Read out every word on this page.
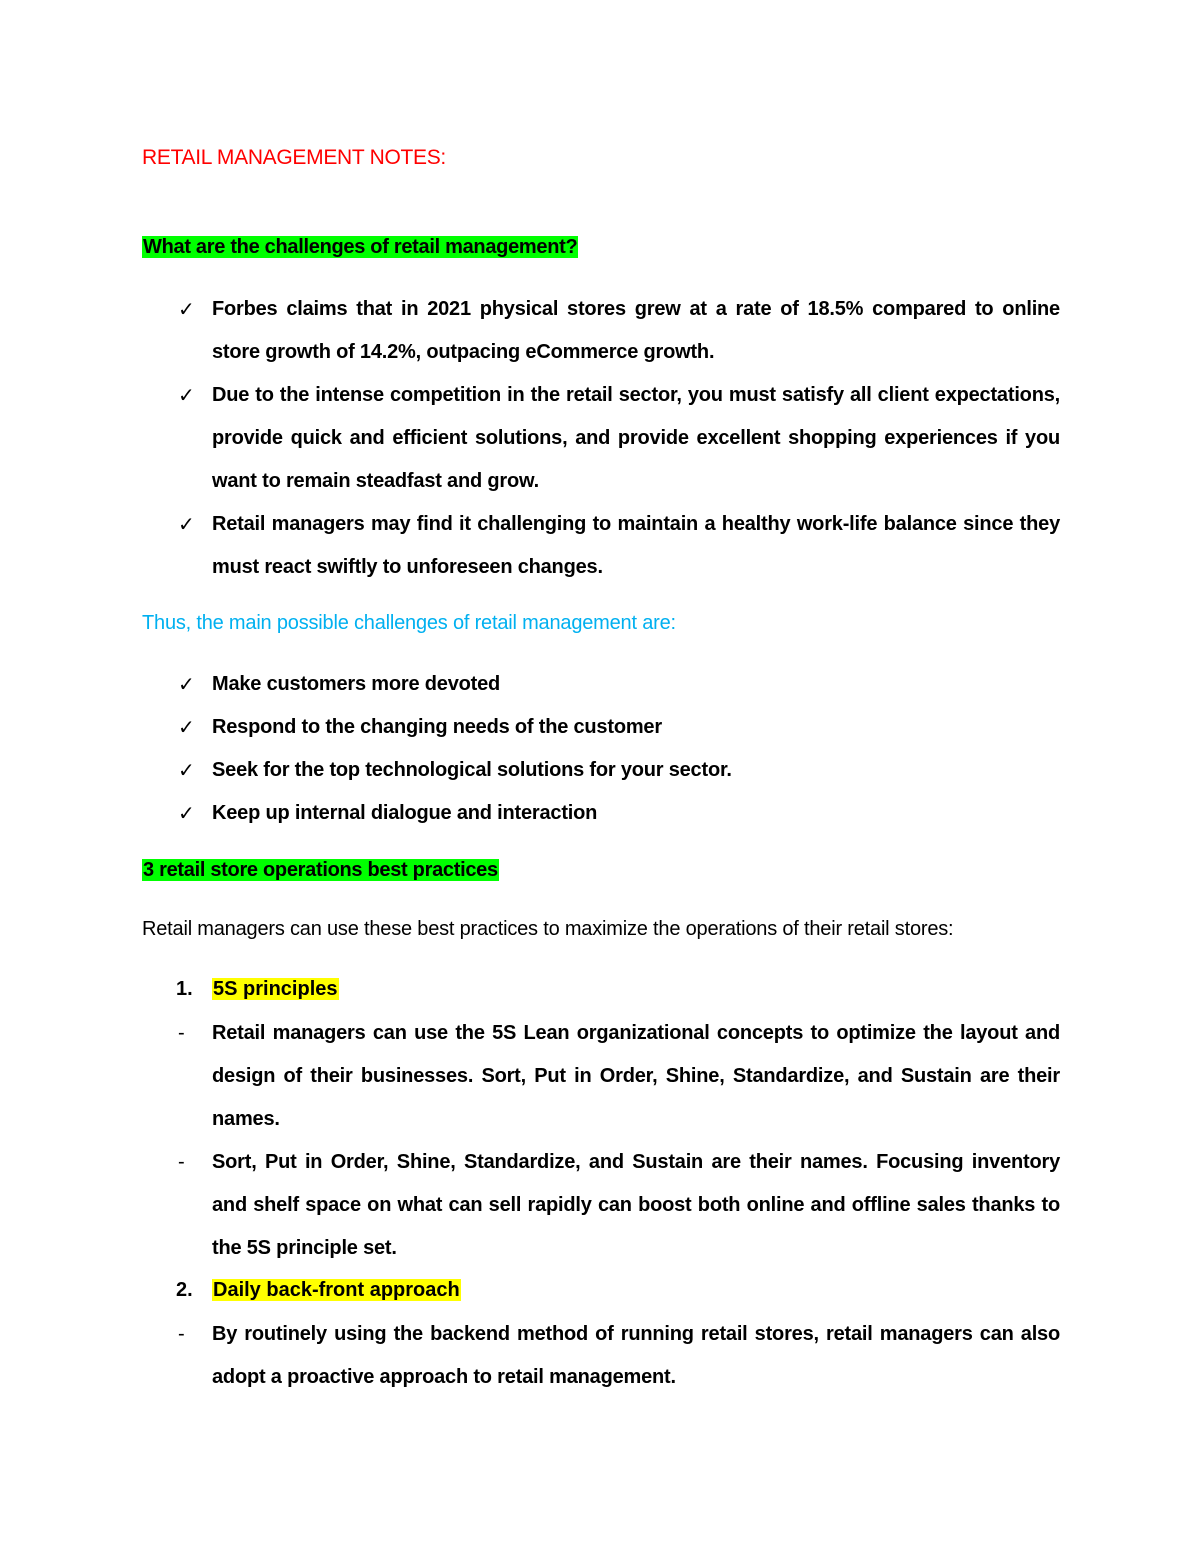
RETAIL MANAGEMENT NOTES:
What are the challenges of retail management?
✓ Forbes claims that in 2021 physical stores grew at a rate of 18.5% compared to online store growth of 14.2%, outpacing eCommerce growth.
✓ Due to the intense competition in the retail sector, you must satisfy all client expectations, provide quick and efficient solutions, and provide excellent shopping experiences if you want to remain steadfast and grow.
✓ Retail managers may find it challenging to maintain a healthy work-life balance since they must react swiftly to unforeseen changes.
Thus, the main possible challenges of retail management are:
✓ Make customers more devoted
✓ Respond to the changing needs of the customer
✓ Seek for the top technological solutions for your sector.
✓ Keep up internal dialogue and interaction
3 retail store operations best practices
Retail managers can use these best practices to maximize the operations of their retail stores:
1. 5S principles
- Retail managers can use the 5S Lean organizational concepts to optimize the layout and design of their businesses. Sort, Put in Order, Shine, Standardize, and Sustain are their names.
- Sort, Put in Order, Shine, Standardize, and Sustain are their names. Focusing inventory and shelf space on what can sell rapidly can boost both online and offline sales thanks to the 5S principle set.
2. Daily back-front approach
- By routinely using the backend method of running retail stores, retail managers can also adopt a proactive approach to retail management.
